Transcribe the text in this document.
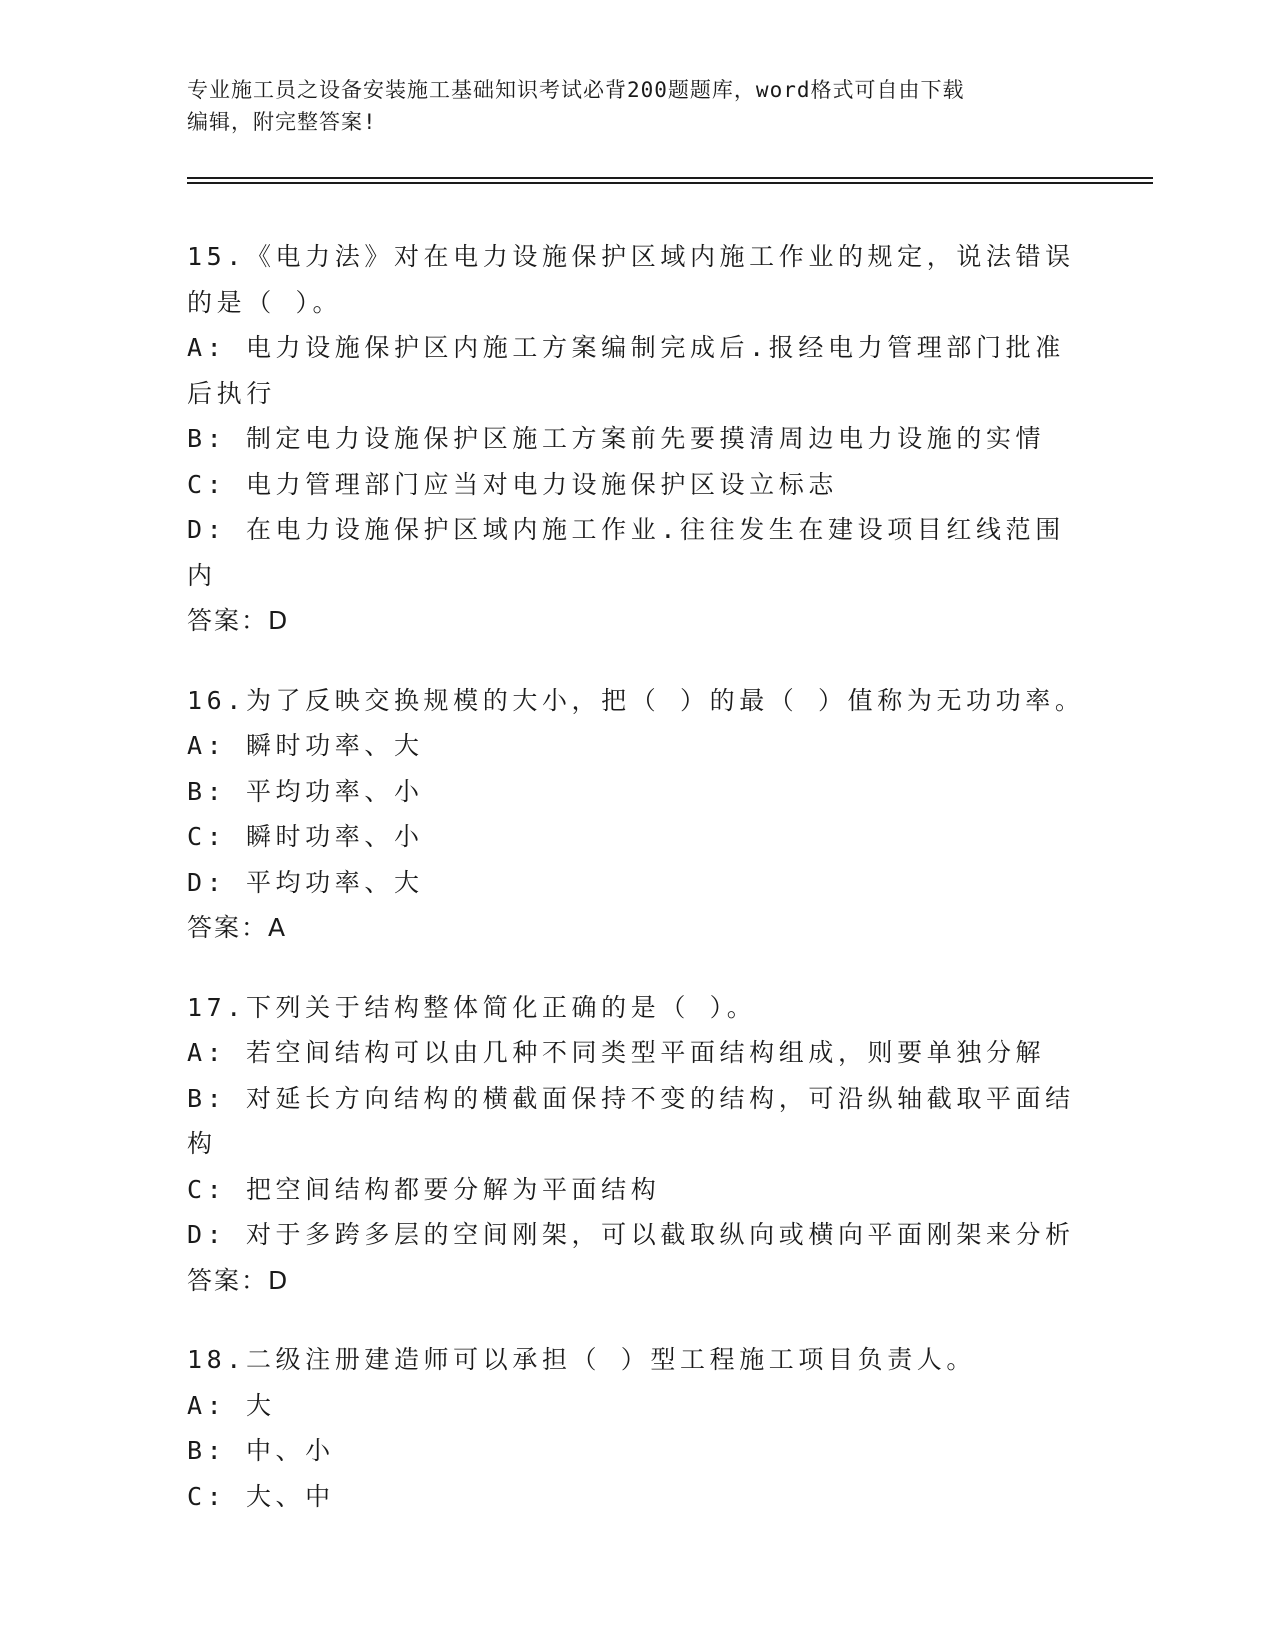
专业施工员之设备安装施工基础知识考试必背200题题库，word格式可自由下载
编辑，附完整答案!
15.《电力法》对在电力设施保护区域内施工作业的规定，说法错误的是（ ）。
A: 电力设施保护区内施工方案编制完成后.报经电力管理部门批准后执行
B: 制定电力设施保护区施工方案前先要摸清周边电力设施的实情
C: 电力管理部门应当对电力设施保护区设立标志
D: 在电力设施保护区域内施工作业.往往发生在建设项目红线范围内
答案：D
16.为了反映交换规模的大小，把（ ）的最（ ）值称为无功功率。
A: 瞬时功率、大
B: 平均功率、小
C: 瞬时功率、小
D: 平均功率、大
答案：A
17.下列关于结构整体简化正确的是（ ）。
A: 若空间结构可以由几种不同类型平面结构组成，则要单独分解
B: 对延长方向结构的横截面保持不变的结构，可沿纵轴截取平面结构
C: 把空间结构都要分解为平面结构
D: 对于多跨多层的空间刚架，可以截取纵向或横向平面刚架来分析
答案：D
18.二级注册建造师可以承担（ ）型工程施工项目负责人。
A: 大
B: 中、小
C: 大、中
